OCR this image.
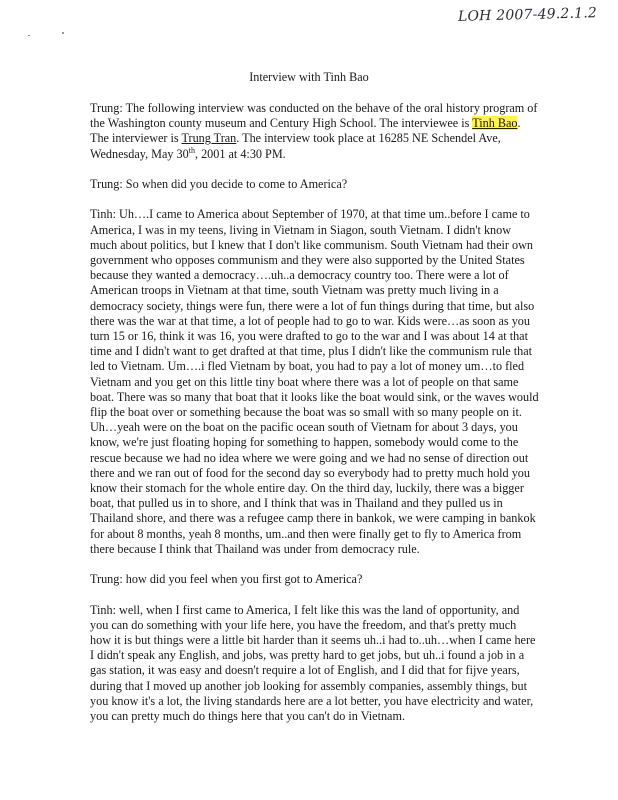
LOH 2007-49.2.1.2
Interview with Tinh Bao

Trung: The following interview was conducted on the behave of the oral history program of the Washington county museum and Century High School. The interviewee is Tinh Bao. The interviewer is Trung Tran. The interview took place at 16285 NE Schendel Ave, Wednesday, May 30th, 2001 at 4:30 PM.

Trung: So when did you decide to come to America?

Tinh: Uh….I came to America about September of 1970, at that time um..before I came to America, I was in my teens, living in Vietnam in Siagon, south Vietnam. I didn't know much about politics, but I knew that I don't like communism. South Vietnam had their own government who opposes communism and they were also supported by the United States because they wanted a democracy….uh..a democracy country too. There were a lot of American troops in Vietnam at that time, south Vietnam was pretty much living in a democracy society, things were fun, there were a lot of fun things during that time, but also there was the war at that time, a lot of people had to go to war. Kids were…as soon as you turn 15 or 16, think it was 16, you were drafted to go to the war and I was about 14 at that time and I didn't want to get drafted at that time, plus I didn't like the communism rule that led to Vietnam. Um….i fled Vietnam by boat, you had to pay a lot of money um…to fled Vietnam and you get on this little tiny boat where there was a lot of people on that same boat. There was so many that boat that it looks like the boat would sink, or the waves would flip the boat over or something because the boat was so small with so many people on it. Uh…yeah were on the boat on the pacific ocean south of Vietnam for about 3 days, you know, we're just floating hoping for something to happen, somebody would come to the rescue because we had no idea where we were going and we had no sense of direction out there and we ran out of food for the second day so everybody had to pretty much hold you know their stomach for the whole entire day. On the third day, luckily, there was a bigger boat, that pulled us in to shore, and I think that was in Thailand and they pulled us in Thailand shore, and there was a refugee camp there in bankok, we were camping in bankok for about 8 months, yeah 8 months, um..and then were finally get to fly to America from there because I think that Thailand was under from democracy rule.

Trung: how did you feel when you first got to America?

Tinh: well, when I first came to America, I felt like this was the land of opportunity, and you can do something with your life here, you have the freedom, and that's pretty much how it is but things were a little bit harder than it seems uh..i had to..uh…when I came here I didn't speak any English, and jobs, was pretty hard to get jobs, but uh..i found a job in a gas station, it was easy and doesn't require a lot of English, and I did that for fijve years, during that I moved up another job looking for assembly companies, assembly things, but you know it's a lot, the living standards here are a lot better, you have electricity and water, you can pretty much do things here that you can't do in Vietnam.
